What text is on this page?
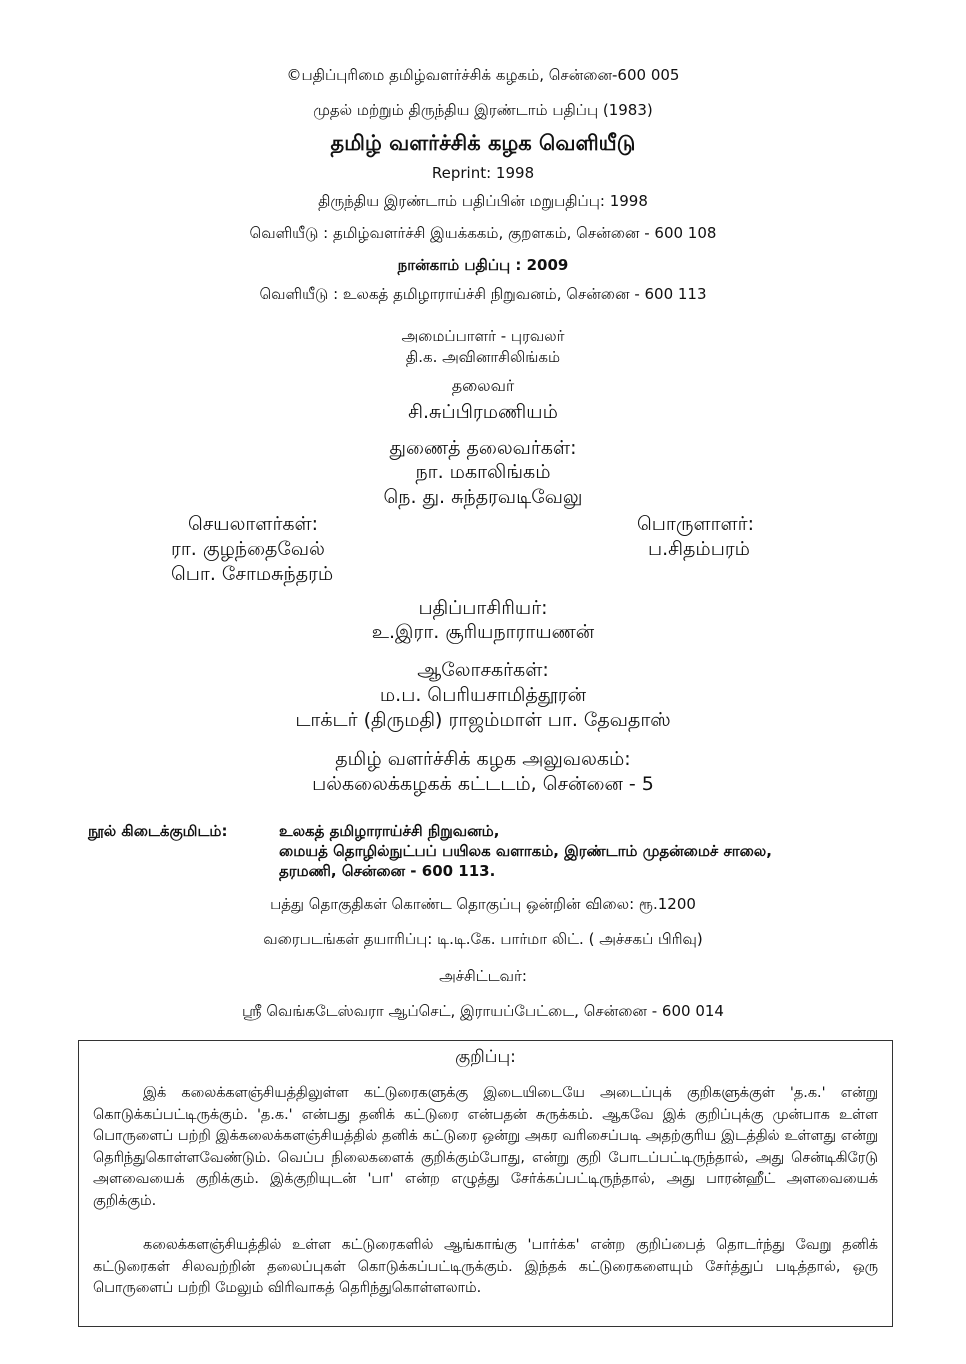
©பதிப்புரிமை தமிழ்வளர்ச்சிக் கழகம், சென்னை-600 005
முதல் மற்றும் திருந்திய இரண்டாம் பதிப்பு (1983)
தமிழ் வளர்ச்சிக் கழக வெளியீடு
Reprint: 1998
திருந்திய இரண்டாம் பதிப்பின் மறுபதிப்பு: 1998
வெளியீடு : தமிழ்வளர்ச்சி இயக்ககம், குறளகம், சென்னை - 600 108
நான்காம் பதிப்பு : 2009
வெளியீடு : உலகத் தமிழாராய்ச்சி நிறுவனம், சென்னை - 600 113
அமைப்பாளர் - புரவலர்
தி.க. அவினாசிலிங்கம்
தலைவர்
சி.சுப்பிரமணியம்
துணைத் தலைவர்கள்:
நா. மகாலிங்கம்
நெ. து. சுந்தரவடிவேலு
செயலாளர்கள்:
ரா. குழந்தைவேல்
பொ. சோமசுந்தரம்
பொருளாளர்:
ப.சிதம்பரம்
பதிப்பாசிரியர்:
உ.இரா. சூரியநாராயணன்
ஆலோசகர்கள்:
ம.ப. பெரியசாமித்தூரன்
டாக்டர் (திருமதி) ராஜம்மாள் பா. தேவதாஸ்
தமிழ் வளர்ச்சிக் கழக அலுவலகம்:
பல்கலைக்கழகக் கட்டடம், சென்னை - 5
நூல் கிடைக்குமிடம்:	உலகத் தமிழாராய்ச்சி நிறுவனம்,
மையத் தொழில்நுட்பப் பயிலக வளாகம், இரண்டாம் முதன்மைச் சாலை,
தரமணி, சென்னை - 600 113.
பத்து தொகுதிகள் கொண்ட தொகுப்பு ஒன்றின் விலை: ரூ.1200
வரைபடங்கள் தயாரிப்பு: டி.டி.கே. பார்மா லிட். ( அச்சகப் பிரிவு)
அச்சிட்டவர்:
ஸ்ரீ வெங்கடேஸ்வரா ஆப்செட், இராயப்பேட்டை, சென்னை - 600 014
குறிப்பு:
இக் கலைக்களஞ்சியத்திலுள்ள கட்டுரைகளுக்கு இடையிடையே அடைப்புக் குறிகளுக்குள் 'த.க.' என்று கொடுக்கப்பட்டிருக்கும். 'த.க.' என்பது தனிக் கட்டுரை என்பதன் சுருக்கம். ஆகவே இக் குறிப்புக்கு முன்பாக உள்ள பொருளைப் பற்றி இக்கலைக்களஞ்சியத்தில் தனிக் கட்டுரை ஒன்று அகர வரிசைப்படி அதற்குரிய இடத்தில் உள்ளது என்று தெரிந்துகொள்ளவேண்டும். வெப்ப நிலைகளைக் குறிக்கும்போது, என்று குறி போடப்பட்டிருந்தால், அது சென்டிகிரேடு அளவையைக் குறிக்கும். இக்குறியுடன் 'பா' என்ற எழுத்து சேர்க்கப்பட்டிருந்தால், அது பாரன்ஹீட் அளவையைக் குறிக்கும்.
கலைக்களஞ்சியத்தில் உள்ள கட்டுரைகளில் ஆங்காங்கு 'பார்க்க' என்ற குறிப்பைத் தொடர்ந்து வேறு தனிக் கட்டுரைகள் சிலவற்றின் தலைப்புகள் கொடுக்கப்பட்டிருக்கும். இந்தக் கட்டுரைகளையும் சேர்த்துப் படித்தால், ஒரு பொருளைப் பற்றி மேலும் விரிவாகத் தெரிந்துகொள்ளலாம்.
